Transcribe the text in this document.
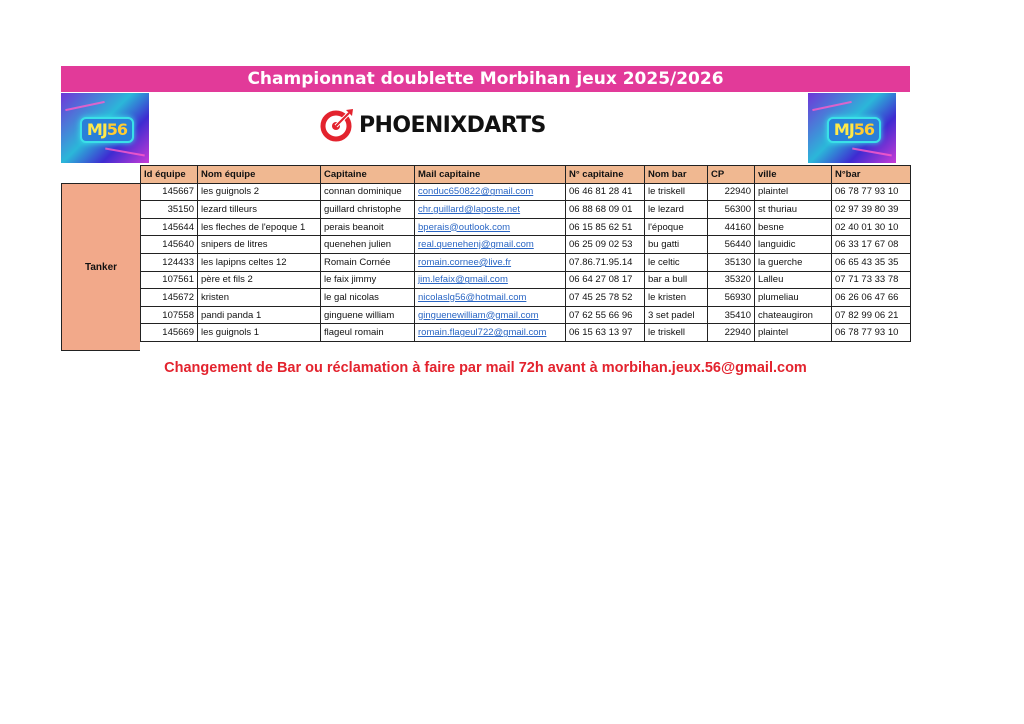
Championnat doublette Morbihan jeux 2025/2026
MJ56	MJ56
PHOENIXDARTS
Tanker
Id équipe	Nom équipe	Capitaine	Mail capitaine	N° capitaine	Nom bar	CP	ville	N°bar
145667	les guignols 2	connan dominique	conduc650822@gmail.com	06 46 81 28 41	le triskell	22940	plaintel	06 78 77 93 10
35150	lezard tilleurs	guillard christophe	chr.guillard@laposte.net	06 88 68 09 01	le lezard	56300	st thuriau	02 97 39 80 39
145644	les fleches de l'epoque 1	perais beanoit	bperais@outlook.com	06 15 85 62 51	l'époque	44160	besne	02 40 01 30 10
145640	snipers de litres	quenehen julien	real.quenehenj@gmail.com	06 25 09 02 53	bu gatti	56440	languidic	06 33 17 67 08
124433	les lapipns celtes 12	Romain Cornée	romain.cornee@live.fr	07.86.71.95.14	le celtic	35130	la guerche	06 65 43 35 35
107561	père et fils 2	le faix jimmy	jim.lefaix@gmail.com	06 64 27 08 17	bar a bull	35320	Lalleu	07 71 73 33 78
145672	kristen	le gal nicolas	nicolaslg56@hotmail.com	07 45 25 78 52	le kristen	56930	plumeliau	06 26 06 47 66
107558	pandi panda 1	ginguene william	ginguenewilliam@gmail.com	07 62 55 66 96	3 set padel	35410	chateaugiron	07 82 99 06 21
145669	les guignols 1	flageul romain	romain.flageul722@gmail.com	06 15 63 13 97	le triskell	22940	plaintel	06 78 77 93 10
Changement de Bar ou réclamation à faire par mail 72h avant à morbihan.jeux.56@gmail.com
